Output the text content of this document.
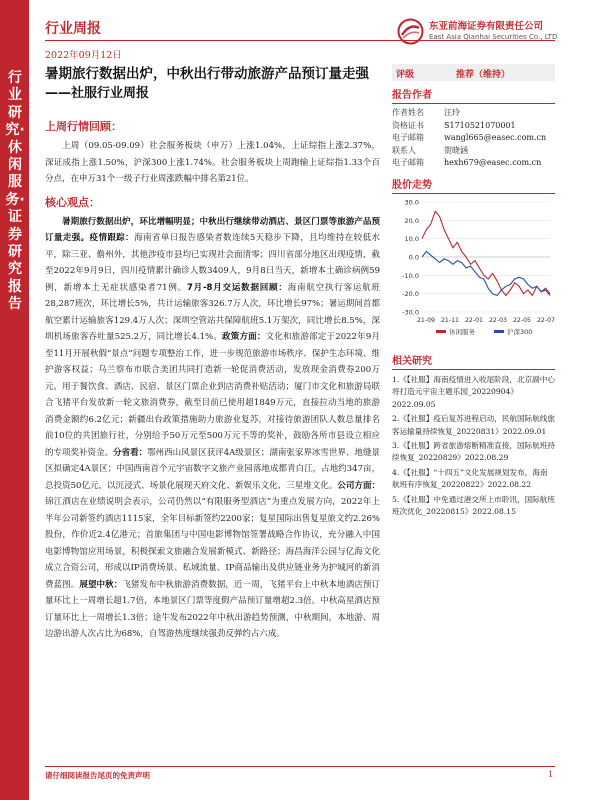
行业研究·休闲服务·证券研究报告
行业周报
2022年09月12日
东亚前海证券有限责任公司
East Asia Qianhai Securities Co., LTD
暑期旅行数据出炉，中秋出行带动旅游产品预订量走强
——社服行业周报
上周行情回顾：

上周（09.05-09.09）社会服务板块（申万）上涨1.04%，上证综指上涨2.37%，深证成指上涨1.50%，沪深300上涨1.74%。社会服务板块上周跑输上证综指1.33个百分点，在申万31个一级子行业周涨跌幅中排名第21位。

核心观点：

暑期旅行数据出炉，环比增幅明显；中秋出行继续带动酒店、景区门票等旅游产品预订量走强。疫情跟踪：海南省单日报告感染者数连续5天稳步下降，且均维持在较低水平，除三亚、儋州外，其他涉疫市县均已实现社会面清零；四川省部分地区出现疫情，截至2022年9月9日，四川疫情累计确诊人数3409人，9月8日当天，新增本土确诊病例59例，新增本土无症状感染者71例。7月-8月交运数据回顾：海南航空执行客运航班28,287班次，环比增长5%，共计运输旅客326.7万人次，环比增长97%；暑运期间首都航空累计运输旅客129.4万人次；深圳空管站共保障航班5.1万架次，同比增长8.5%，深圳机场旅客吞吐量525.2万，同比增长4.1%。政策方面：文化和旅游部定于2022年9月至11月开展秋假“景点”问题专项整治工作，进一步规范旅游市场秩序、保护生态环境、维护游客权益；乌兰察布市联合美团共同打造新一轮促消费活动，发放现金消费券200万元，用于餐饮食、酒店、民宿、景区门票企业到店消费补贴活动；厦门市文化和旅游局联合飞猪平台发放新一轮文旅消费券，截至目前已使用超1849万元，直接拉动当地的旅游消费金额约6.2亿元；新疆出台政策措施助力旅游业复苏，对接待旅游团队人数总量排名前10位的共团旅行社，分别给予50万元至500万元不等的奖补，鼓励各所市县设立相应的专项奖补资金。分省看：鄂州西山风景区获评4A级景区；湖南张家界冰雪世界、地缝景区拟确定4A景区；中国西南首个元宇宙数字文旅产业园落地成都青白江，占地约347亩，总投资50亿元，以沉浸式、场景化展现天府文化、新娱乐文化、三星堆文化。公司方面：锦江酒店在业绩说明会表示，公司仍然以“有限服务型酒店”为重点发展方向，2022年上半年公司新签约酒店1115家，全年目标新签约2200家；复星国际出售复星旅文约2.26%股份，作价近2.4亿港元；首旅集团与中国电影博物馆签署战略合作协议，充分融入中国电影博物馆应用场景，积极探索文旅融合发展新模式、新路径；海昌海洋公园与亿海文化成立合资公司，形成以IP消费场景、私域流量、IP商品输出及供应链业务为护城河的新消费蓝图。展望中秋：飞猪发布中秋旅游消费数据，近一周，飞猪平台上中秋本地酒店预订量环比上一周增长超1.7倍，本地景区门票等度假产品预订量增超2.3倍。中秋高星酒店预订量环比上一周增长1.3倍；途牛发布2022年中秋出游趋势预测，中秋期间，本地游、周边游出游人次占比为68%，自驾游热度继续强劲反弹约占六成。

评级	推荐（维持）
报告作者
作者姓名	汪玲
资格证书	S1710521070001
电子邮箱	wangl665@easec.com.cn
联系人	贺晓涵
电子邮箱	hexh679@easec.com.cn
股价走势
-30.0
-20.0
-10.0
0.0
10.0
20.0
30.0
21-09 21-11 22-01 22-03 22-05 22-07
休闲服务	沪深300
相关研究
1.《【社服】海南疫情进入收尾阶段，北京副中心将打造元宇宙主题乐园_20220904》2022.09.05
2.《【社服】疫后复苏进程启动，民航国际航线旅客运输量持续恢复_20220831》2022.09.01
3.《【社服】跨省旅游熔断精准直接，国际航班持续恢复_20220829》2022.08.29
4.《【社服】“十四五”文化发展规划发布，海南航班有序恢复_20220822》2022.08.22
5.《【社服】中免通过港交所上市聆讯，国际航班班次优化_20220815》2022.08.15
请仔细阅读报告尾页的免责声明	1
